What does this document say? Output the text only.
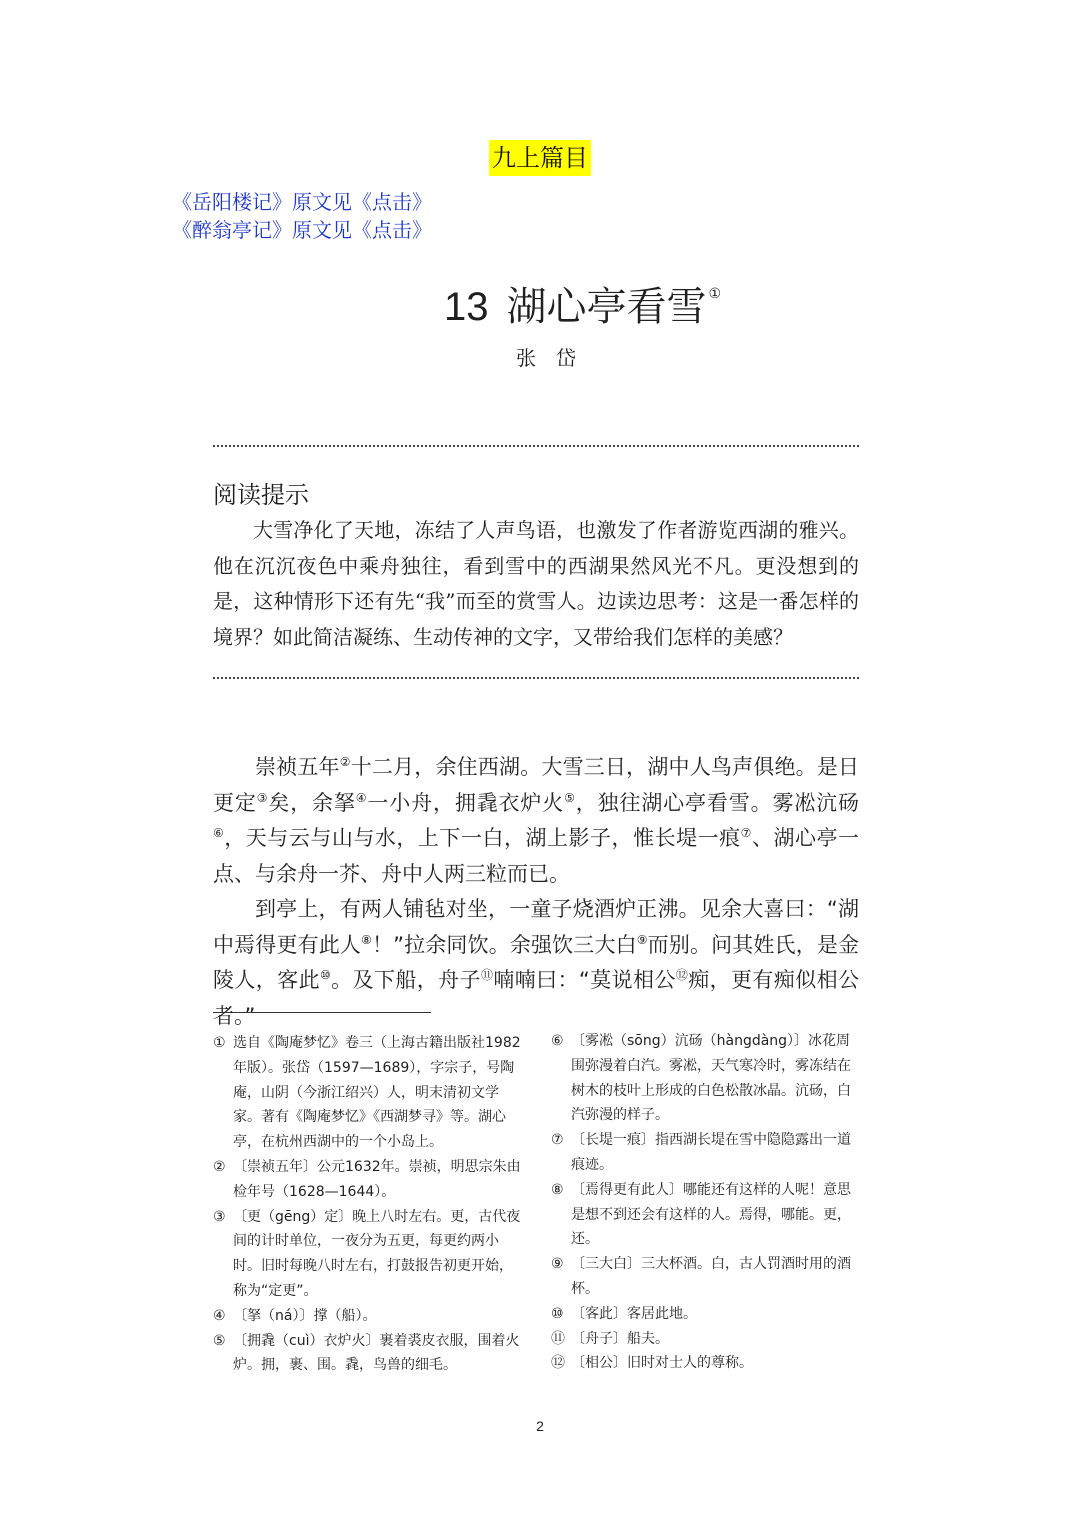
九上篇目
《岳阳楼记》原文见《点击》
《醉翁亭记》原文见《点击》
13 湖心亭看雪 ①
张岱
阅读提示

大雪净化了天地，冻结了人声鸟语，也激发了作者游览西湖的雅兴。他在沉沉夜色中乘舟独往，看到雪中的西湖果然风光不凡。更没想到的是，这种情形下还有先“我”而至的赏雪人。边读边思考：这是一番怎样的境界？如此简洁凝练、生动传神的文字，又带给我们怎样的美感？

崇祯五年②十二月，余住西湖。大雪三日，湖中人鸟声俱绝。是日更定③矣，余拏④一小舟，拥毳衣炉火⑤，独往湖心亭看雪。雾凇沆砀⑥，天与云与山与水，上下一白，湖上影子，惟长堤一痕⑦、湖心亭一点、与余舟一芥、舟中人两三粒而已。

到亭上，有两人铺毡对坐，一童子烧酒炉正沸。见余大喜曰：“湖中焉得更有此人⑧！”拉余同饮。余强饮三大白⑨而别。问其姓氏，是金陵人，客此⑩。及下船，舟子⑪喃喃曰：“莫说相公⑫痴，更有痴似相公者。”

① 选自《陶庵梦忆》卷三（上海古籍出版社1982年版）。张岱（1597—1689），字宗子，号陶庵，山阴（今浙江绍兴）人，明末清初文学家。著有《陶庵梦忆》《西湖梦寻》等。湖心亭，在杭州西湖中的一个小岛上。
② 〔崇祯五年〕公元1632年。崇祯，明思宗朱由检年号（1628—1644）。
③ 〔更（gēng）定〕晚上八时左右。更，古代夜间的计时单位，一夜分为五更，每更约两小时。旧时每晚八时左右，打鼓报告初更开始，称为“定更”。
④ 〔拏（ná）〕撑（船）。
⑤ 〔拥毳（cuì）衣炉火〕裹着裘皮衣服，围着火炉。拥，裹、围。毳，鸟兽的细毛。
⑥ 〔雾凇（sōng）沆砀（hàngdàng）〕冰花周围弥漫着白汽。雾凇，天气寒冷时，雾冻结在树木的枝叶上形成的白色松散冰晶。沆砀，白汽弥漫的样子。
⑦ 〔长堤一痕〕指西湖长堤在雪中隐隐露出一道痕迹。
⑧ 〔焉得更有此人〕哪能还有这样的人呢！意思是想不到还会有这样的人。焉得，哪能。更，还。
⑨ 〔三大白〕三大杯酒。白，古人罚酒时用的酒杯。
⑩ 〔客此〕客居此地。
⑪ 〔舟子〕船夫。
⑫ 〔相公〕旧时对士人的尊称。
2
